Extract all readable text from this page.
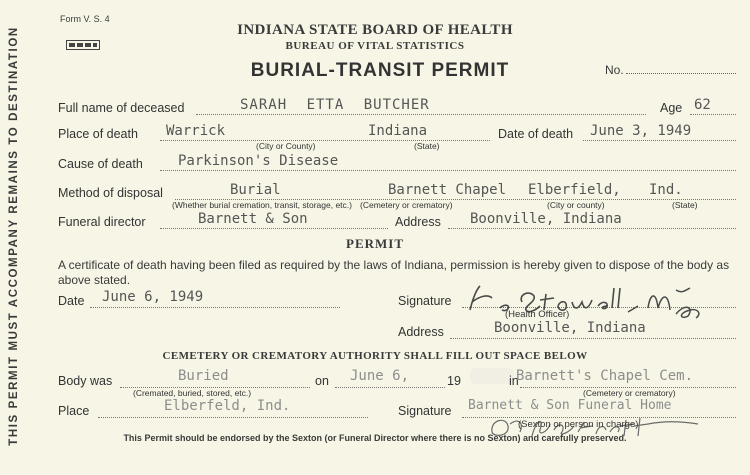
THIS PERMIT MUST ACCOMPANY REMAINS TO DESTINATION
Form V. S. 4
INDIANA STATE BOARD OF HEALTH
BUREAU OF VITAL STATISTICS
BURIAL-TRANSIT PERMIT	No.
Full name of deceased	SARAH ETTA BUTCHER	Age 62
Place of death Warrick
(City or County)
Indiana
(State)
Date of death June 3, 1949
Cause of death	Parkinson's Disease
Method of disposal	Burial
(Whether burial cremation, transit, storage, etc.)
Barnett Chapel
(Cemetery or crematory)
Elberfield,
(City or county)
Ind.
(State)
Funeral director	Barnett & Son	Address Boonville, Indiana
PERMIT
A certificate of death having been filed as required by the laws of Indiana, permission is hereby given to dispose of the body as above stated.
Date June 6, 1949	Signature
(Health Officer)
Address	Boonville, Indiana
CEMETERY OR CREMATORY AUTHORITY SHALL FILL OUT SPACE BELOW
Body was	Buried
(Cremated, buried, stored, etc.)
on June 6,	19	in
Barnett's Chapel Cem.
(Cemetery or crematory)
Place	Elberfeld, Ind.	Signature Barnett & Son Funeral Home
(Sexton or person in charge)
This Permit should be endorsed by the Sexton (or Funeral Director where there is no Sexton) and carefully preserved.
